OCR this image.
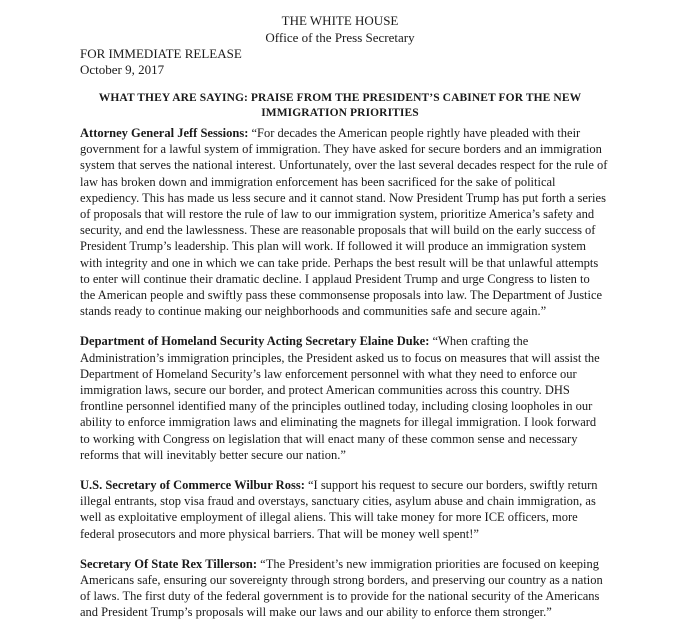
THE WHITE HOUSE
Office of the Press Secretary
FOR IMMEDIATE RELEASE
October 9, 2017
WHAT THEY ARE SAYING: PRAISE FROM THE PRESIDENT’S CABINET FOR THE NEW
IMMIGRATION PRIORITIES

Attorney General Jeff Sessions: “For decades the American people rightly have pleaded with their government for a lawful system of immigration. They have asked for secure borders and an immigration system that serves the national interest. Unfortunately, over the last several decades respect for the rule of law has broken down and immigration enforcement has been sacrificed for the sake of political expediency. This has made us less secure and it cannot stand. Now President Trump has put forth a series of proposals that will restore the rule of law to our immigration system, prioritize America’s safety and security, and end the lawlessness. These are reasonable proposals that will build on the early success of President Trump’s leadership. This plan will work. If followed it will produce an immigration system with integrity and one in which we can take pride. Perhaps the best result will be that unlawful attempts to enter will continue their dramatic decline. I applaud President Trump and urge Congress to listen to the American people and swiftly pass these commonsense proposals into law. The Department of Justice stands ready to continue making our neighborhoods and communities safe and secure again.”

Department of Homeland Security Acting Secretary Elaine Duke: “When crafting the Administration’s immigration principles, the President asked us to focus on measures that will assist the Department of Homeland Security’s law enforcement personnel with what they need to enforce our immigration laws, secure our border, and protect American communities across this country. DHS frontline personnel identified many of the principles outlined today, including closing loopholes in our ability to enforce immigration laws and eliminating the magnets for illegal immigration. I look forward to working with Congress on legislation that will enact many of these common sense and necessary reforms that will inevitably better secure our nation.”

U.S. Secretary of Commerce Wilbur Ross: “I support his request to secure our borders, swiftly return illegal entrants, stop visa fraud and overstays, sanctuary cities, asylum abuse and chain immigration, as well as exploitative employment of illegal aliens. This will take money for more ICE officers, more federal prosecutors and more physical barriers. That will be money well spent!”

Secretary Of State Rex Tillerson: “The President’s new immigration priorities are focused on keeping Americans safe, ensuring our sovereignty through strong borders, and preserving our country as a nation of laws. The first duty of the federal government is to provide for the national security of the Americans and President Trump’s proposals will make our laws and our ability to enforce them stronger.”
